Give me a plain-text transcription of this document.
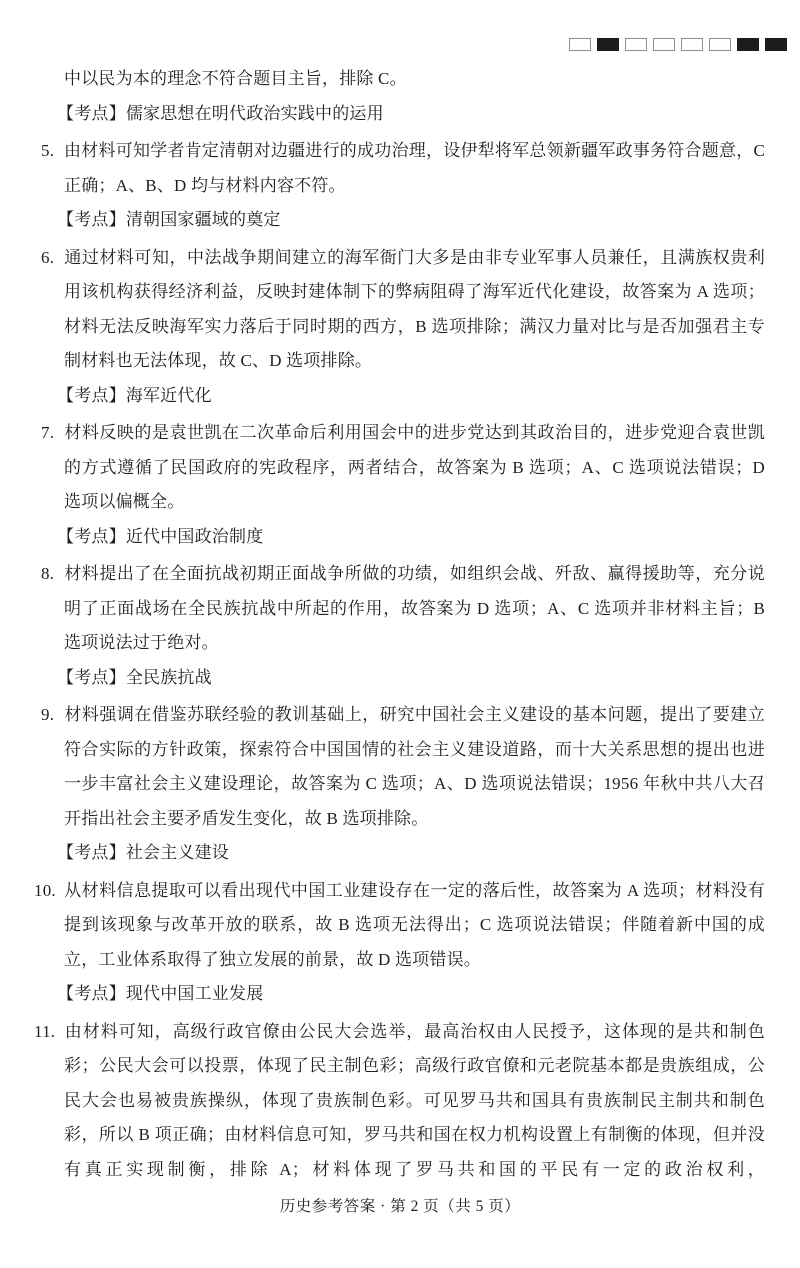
中以民为本的理念不符合题目主旨，排除 C。

【考点】儒家思想在明代政治实践中的运用

5. 由材料可知学者肯定清朝对边疆进行的成功治理，设伊犁将军总领新疆军政事务符合题意，C 正确；A、B、D 均与材料内容不符。

【考点】清朝国家疆域的奠定

6. 通过材料可知，中法战争期间建立的海军衙门大多是由非专业军事人员兼任，且满族权贵利用该机构获得经济利益，反映封建体制下的弊病阻碍了海军近代化建设，故答案为 A 选项；材料无法反映海军实力落后于同时期的西方，B 选项排除；满汉力量对比与是否加强君主专制材料也无法体现，故 C、D 选项排除。

【考点】海军近代化

7. 材料反映的是袁世凯在二次革命后利用国会中的进步党达到其政治目的，进步党迎合袁世凯的方式遵循了民国政府的宪政程序，两者结合，故答案为 B 选项；A、C 选项说法错误；D 选项以偏概全。

【考点】近代中国政治制度

8. 材料提出了在全面抗战初期正面战争所做的功绩，如组织会战、歼敌、赢得援助等，充分说明了正面战场在全民族抗战中所起的作用，故答案为 D 选项；A、C 选项并非材料主旨；B 选项说法过于绝对。

【考点】全民族抗战

9. 材料强调在借鉴苏联经验的教训基础上，研究中国社会主义建设的基本问题，提出了要建立符合实际的方针政策，探索符合中国国情的社会主义建设道路，而十大关系思想的提出也进一步丰富社会主义建设理论，故答案为 C 选项；A、D 选项说法错误；1956 年秋中共八大召开指出社会主要矛盾发生变化，故 B 选项排除。

【考点】社会主义建设

10. 从材料信息提取可以看出现代中国工业建设存在一定的落后性，故答案为 A 选项；材料没有提到该现象与改革开放的联系，故 B 选项无法得出；C 选项说法错误；伴随着新中国的成立，工业体系取得了独立发展的前景，故 D 选项错误。

【考点】现代中国工业发展

11. 由材料可知，高级行政官僚由公民大会选举，最高治权由人民授予，这体现的是共和制色彩；公民大会可以投票，体现了民主制色彩；高级行政官僚和元老院基本都是贵族组成，公民大会也易被贵族操纵，体现了贵族制色彩。可见罗马共和国具有贵族制民主制共和制色彩，所以 B 项正确；由材料信息可知，罗马共和国在权力机构设置上有制衡的体现，但并没有真正实现制衡，排除 A；材料体现了罗马共和国的平民有一定的政治权利，

历史参考答案 · 第 2 页（共 5 页）
